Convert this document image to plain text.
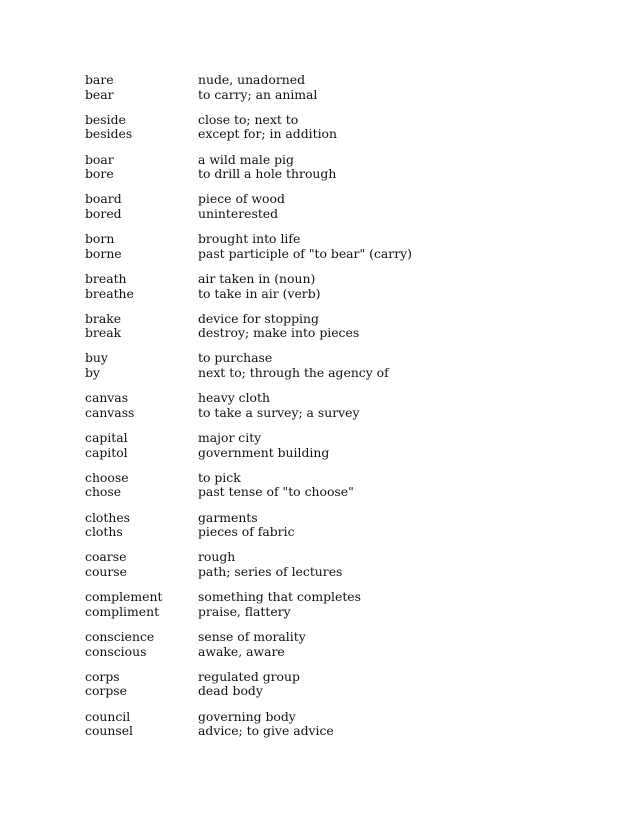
bare	nude, unadorned
bear	to carry; an animal
beside	close to; next to
besides	except for; in addition
boar	a wild male pig
bore	to drill a hole through
board	piece of wood
bored	uninterested
born	brought into life
borne	past participle of "to bear" (carry)
breath	air taken in (noun)
breathe	to take in air (verb)
brake	device for stopping
break	destroy; make into pieces
buy	to purchase
by	next to; through the agency of
canvas	heavy cloth
canvass	to take a survey; a survey
capital	major city
capitol	government building
choose	to pick
chose	past tense of "to choose"
clothes	garments
cloths	pieces of fabric
coarse	rough
course	path; series of lectures
complement	something that completes
compliment	praise, flattery
conscience	sense of morality
conscious	awake, aware
corps	regulated group
corpse	dead body
council	governing body
counsel	advice; to give advice
